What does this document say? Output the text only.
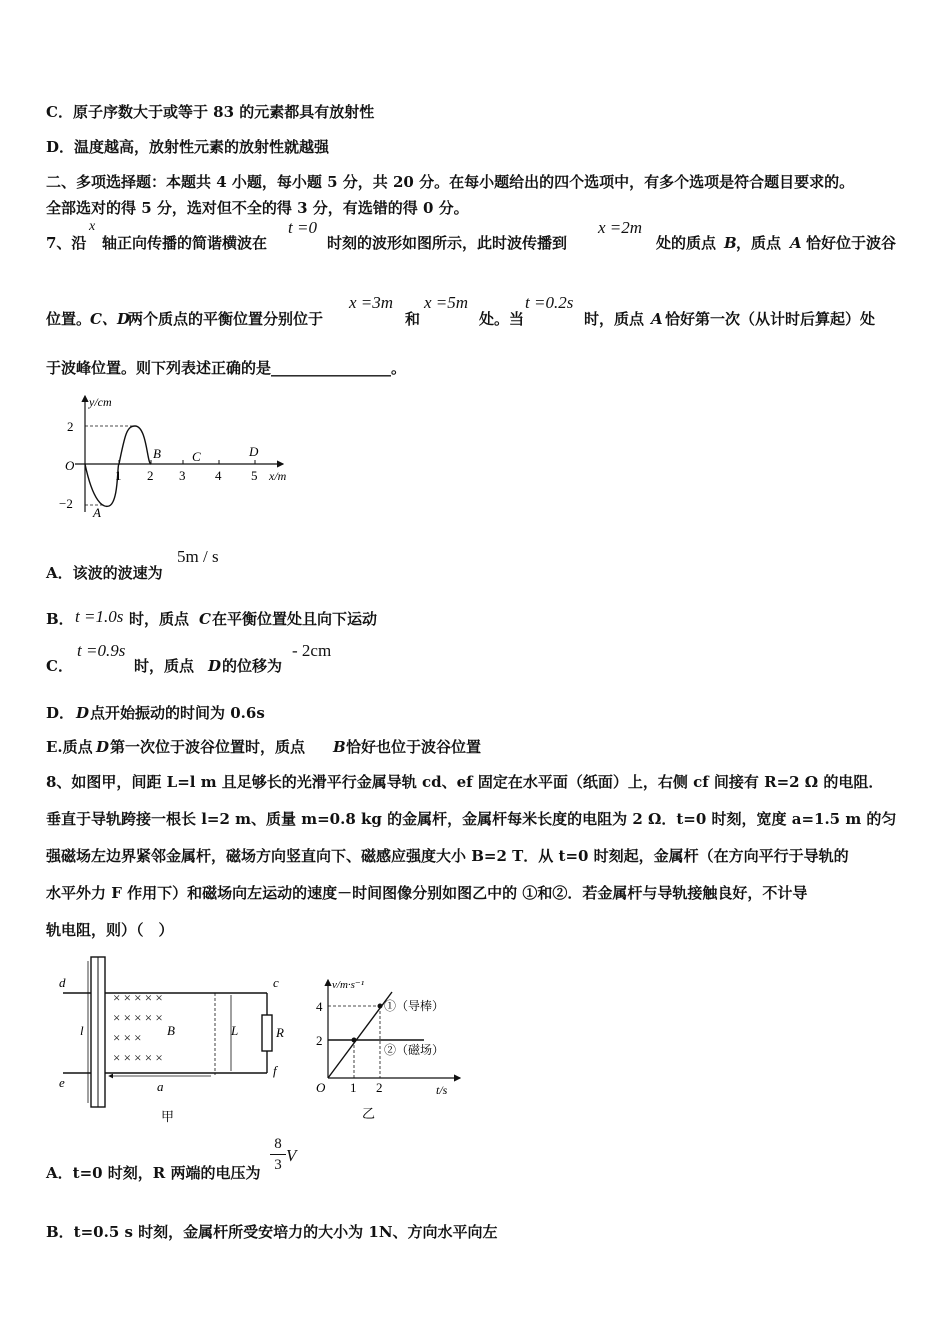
C．原子序数大于或等于 83 的元素都具有放射性
D．温度越高，放射性元素的放射性就越强
二、多项选择题：本题共 4 小题，每小题 5 分，共 20 分。在每小题给出的四个选项中，有多个选项是符合题目要求的。
全部选对的得 5 分，选对但不全的得 3 分，有选错的得 0 分。
7、沿
x
轴正向传播的简谐横波在
t =0
时刻的波形如图所示，此时波传播到
x =2m
处的质点 B ，质点 A 恰好位于波谷
位置。
C、D
两个质点的平衡位置分别位于
x =3m
和
x =5m
处。当
t =0.2s
时，质点 A 恰好第一次（从计时后算起）处
于波峰位置。则下列表述正确的是________________。
y/cm
x/m
O
2
−2
1 2 3 4 5
A
B C	D
A．该波的波速为
5m / s
B． t =1.0s 时，质点 C 在平衡位置处且向下运动
C．
t =0.9s
时，质点 D 的位移为
- 2cm
D． D 点开始振动的时间为 0.6s
E.质点 D 第一次位于波谷位置时，质点 B 恰好也位于波谷位置
8、如图甲，间距 L=l m 且足够长的光滑平行金属导轨 cd、ef 固定在水平面（纸面）上，右侧 cf 间接有 R=2 Ω 的电阻．
垂直于导轨跨接一根长 l=2 m、质量 m=0.8 kg 的金属杆，金属杆每米长度的电阻为 2 Ω．t=0 时刻，宽度 a=1.5 m 的匀
强磁场左边界紧邻金属杆，磁场方向竖直向下、磁感应强度大小 B=2 T．从 t=0 时刻起，金属杆（在方向平行于导轨的
水平外力 F 作用下）和磁场向左运动的速度－时间图像分别如图乙中的 ①和②．若金属杆与导轨接触良好，不计导
轨电阻，则）（　）
× × × × ×
× × × × ×
× × ×
× × × × ×
d	c
e
f
l	B	L	R
a
甲
v/m·s⁻¹
t/s
O
4
2
1 2
①（导棒）
②（磁场）
乙
A．t=0 时刻，R 两端的电压为
8
3 V
B．t=0.5 s 时刻，金属杆所受安培力的大小为 1N、方向水平向左
